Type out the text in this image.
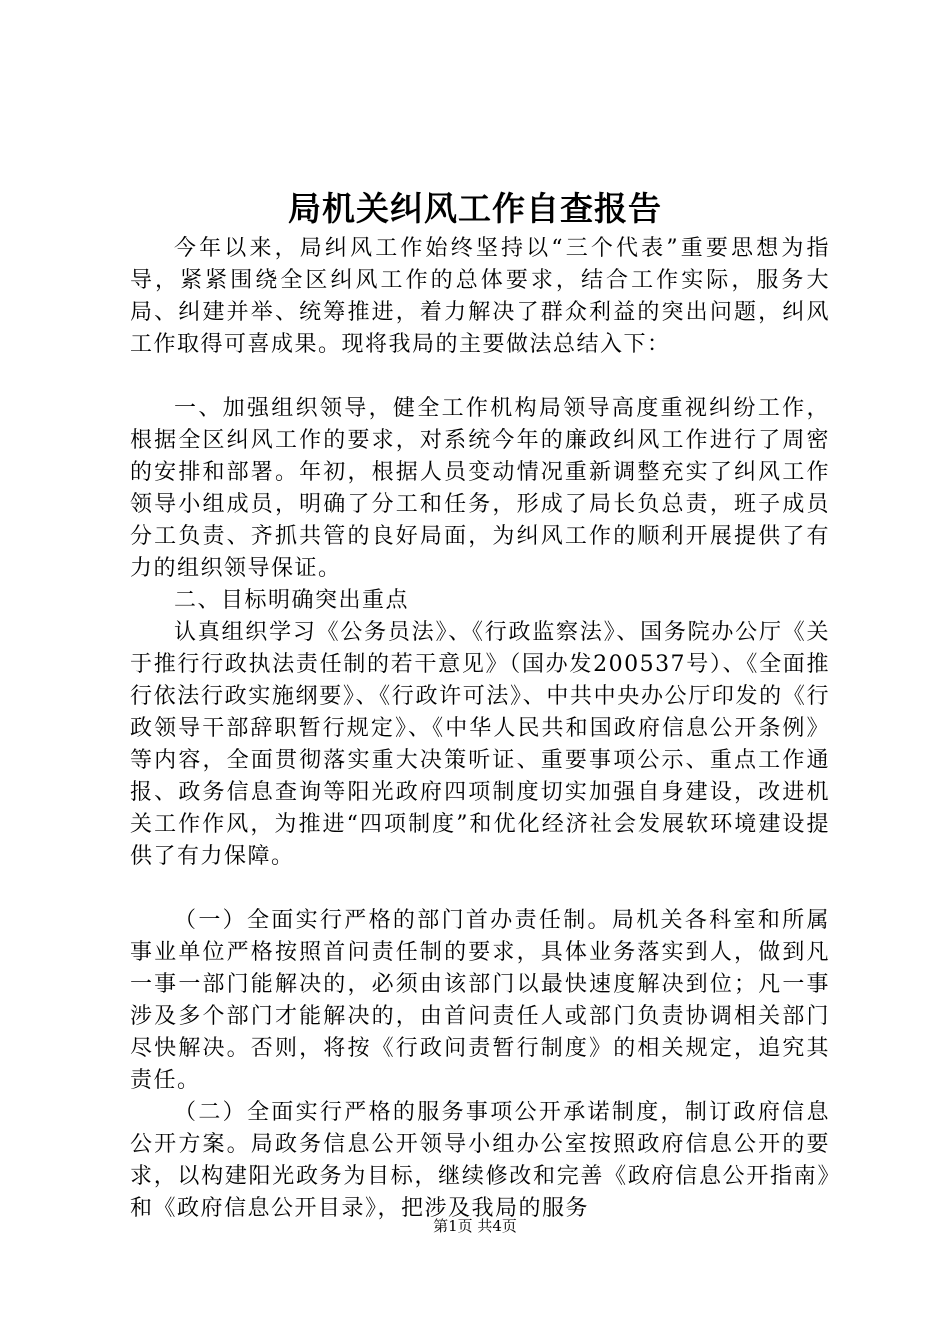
局机关纠风工作自查报告

今年以来，局纠风工作始终坚持以“三个代表”重要思想为指导，紧紧围绕全区纠风工作的总体要求，结合工作实际，服务大局、纠建并举、统筹推进，着力解决了群众利益的突出问题，纠风工作取得可喜成果。现将我局的主要做法总结入下：

一、加强组织领导，健全工作机构局领导高度重视纠纷工作，根据全区纠风工作的要求，对系统今年的廉政纠风工作进行了周密的安排和部署。年初，根据人员变动情况重新调整充实了纠风工作领导小组成员，明确了分工和任务，形成了局长负总责，班子成员分工负责、齐抓共管的良好局面，为纠风工作的顺利开展提供了有力的组织领导保证。

二、目标明确突出重点

认真组织学习《公务员法》、《行政监察法》、国务院办公厅《关于推行行政执法责任制的若干意见》（国办发200537号）、《全面推行依法行政实施纲要》、《行政许可法》、中共中央办公厅印发的《行政领导干部辞职暂行规定》、《中华人民共和国政府信息公开条例》等内容，全面贯彻落实重大决策听证、重要事项公示、重点工作通报、政务信息查询等阳光政府四项制度切实加强自身建设，改进机关工作作风，为推进“四项制度”和优化经济社会发展软环境建设提供了有力保障。

（一）全面实行严格的部门首办责任制。局机关各科室和所属事业单位严格按照首问责任制的要求，具体业务落实到人，做到凡一事一部门能解决的，必须由该部门以最快速度解决到位；凡一事涉及多个部门才能解决的，由首问责任人或部门负责协调相关部门尽快解决。否则，将按《行政问责暂行制度》的相关规定，追究其责任。

（二）全面实行严格的服务事项公开承诺制度，制订政府信息公开方案。局政务信息公开领导小组办公室按照政府信息公开的要求，以构建阳光政务为目标，继续修改和完善《政府信息公开指南》和《政府信息公开目录》，把涉及我局的服务

第1页 共4页
